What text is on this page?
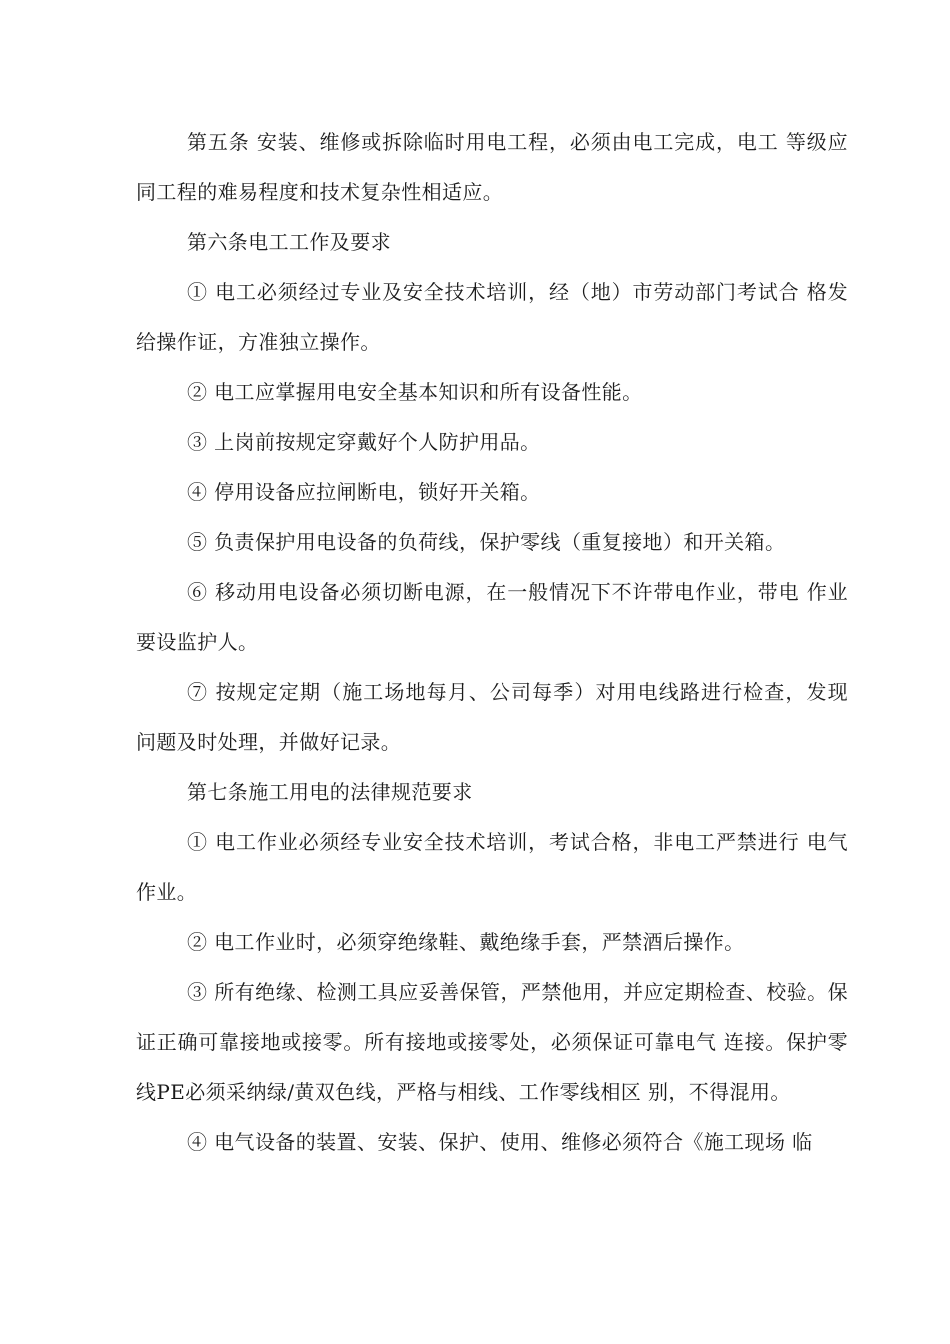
第五条 安装、维修或拆除临时用电工程，必须由电工完成，电工 等级应同工程的难易程度和技术复杂性相适应。

第六条电工工作及要求

① 电工必须经过专业及安全技术培训，经（地）市劳动部门考试合 格发给操作证，方准独立操作。

② 电工应掌握用电安全基本知识和所有设备性能。

③ 上岗前按规定穿戴好个人防护用品。

④ 停用设备应拉闸断电，锁好开关箱。

⑤ 负责保护用电设备的负荷线，保护零线（重复接地）和开关箱。

⑥ 移动用电设备必须切断电源，在一般情况下不许带电作业，带电 作业要设监护人。

⑦ 按规定定期（施工场地每月、公司每季）对用电线路进行检查，发现 问题及时处理，并做好记录。

第七条施工用电的法律规范要求

① 电工作业必须经专业安全技术培训，考试合格，非电工严禁进行 电气作业。

② 电工作业时，必须穿绝缘鞋、戴绝缘手套，严禁酒后操作。

③ 所有绝缘、检测工具应妥善保管，严禁他用，并应定期检查、校验。保证正确可靠接地或接零。所有接地或接零处，必须保证可靠电气 连接。保护零线PE必须采纳绿/黄双色线，严格与相线、工作零线相区 别，不得混用。

④ 电气设备的装置、安装、保护、使用、维修必须符合《施工现场 临
